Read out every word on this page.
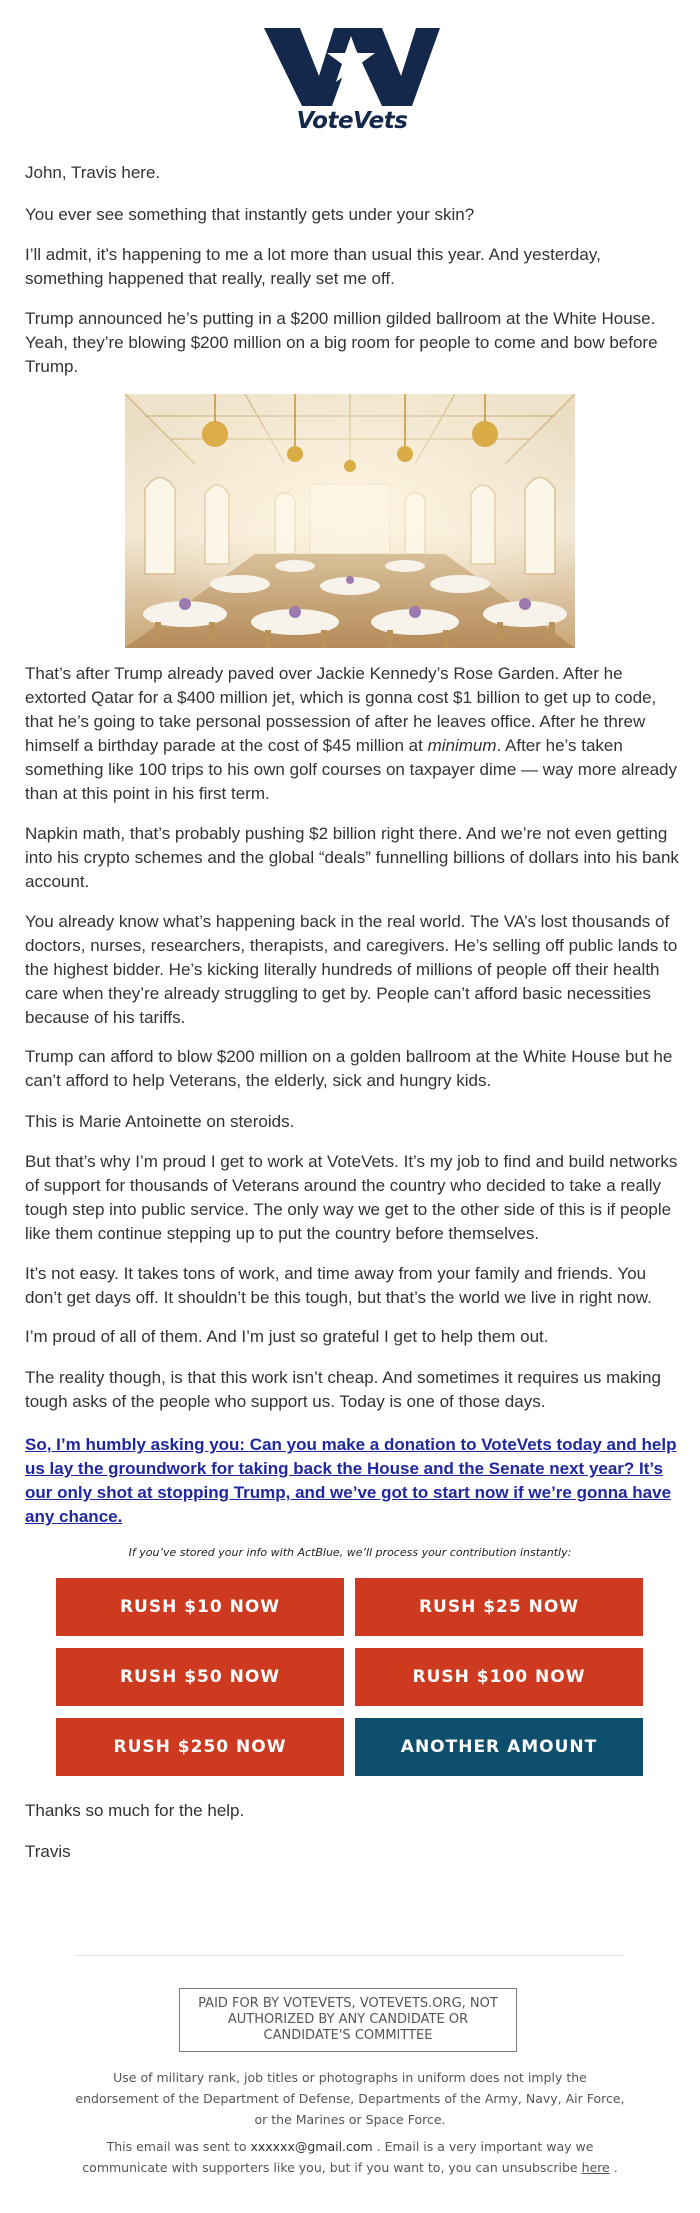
VoteVets

John, Travis here.

You ever see something that instantly gets under your skin?

I’ll admit, it’s happening to me a lot more than usual this year. And yesterday, something happened that really, really set me off.

Trump announced he’s putting in a $200 million gilded ballroom at the White House. Yeah, they’re blowing $200 million on a big room for people to come and bow before Trump.

That’s after Trump already paved over Jackie Kennedy’s Rose Garden. After he extorted Qatar for a $400 million jet, which is gonna cost $1 billion to get up to code, that he’s going to take personal possession of after he leaves office. After he threw himself a birthday parade at the cost of $45 million at minimum. After he’s taken something like 100 trips to his own golf courses on taxpayer dime — way more already than at this point in his first term.

Napkin math, that’s probably pushing $2 billion right there. And we’re not even getting into his crypto schemes and the global “deals” funnelling billions of dollars into his bank account.

You already know what’s happening back in the real world. The VA’s lost thousands of doctors, nurses, researchers, therapists, and caregivers. He’s selling off public lands to the highest bidder. He’s kicking literally hundreds of millions of people off their health care when they’re already struggling to get by. People can’t afford basic necessities because of his tariffs.

Trump can afford to blow $200 million on a golden ballroom at the White House but he can’t afford to help Veterans, the elderly, sick and hungry kids.

This is Marie Antoinette on steroids.

But that’s why I’m proud I get to work at VoteVets. It’s my job to find and build networks of support for thousands of Veterans around the country who decided to take a really tough step into public service. The only way we get to the other side of this is if people like them continue stepping up to put the country before themselves.

It’s not easy. It takes tons of work, and time away from your family and friends. You don’t get days off. It shouldn’t be this tough, but that’s the world we live in right now.

I’m proud of all of them. And I’m just so grateful I get to help them out.

The reality though, is that this work isn’t cheap. And sometimes it requires us making tough asks of the people who support us. Today is one of those days.

So, I’m humbly asking you: Can you make a donation to VoteVets today and help us lay the groundwork for taking back the House and the Senate next year? It’s our only shot at stopping Trump, and we’ve got to start now if we’re gonna have any chance.
If you’ve stored your info with ActBlue, we’ll process your contribution instantly:
RUSH $10 NOW	RUSH $25 NOW
RUSH $50 NOW	RUSH $100 NOW
RUSH $250 NOW	ANOTHER AMOUNT

Thanks so much for the help.

Travis

PAID FOR BY VOTEVETS, VOTEVETS.ORG, NOT AUTHORIZED BY ANY CANDIDATE OR CANDIDATE'S COMMITTEE

Use of military rank, job titles or photographs in uniform does not imply the endorsement of the Department of Defense, Departments of the Army, Navy, Air Force, or the Marines or Space Force.

This email was sent to xxxxxx@gmail.com . Email is a very important way we communicate with supporters like you, but if you want to, you can unsubscribe here .
